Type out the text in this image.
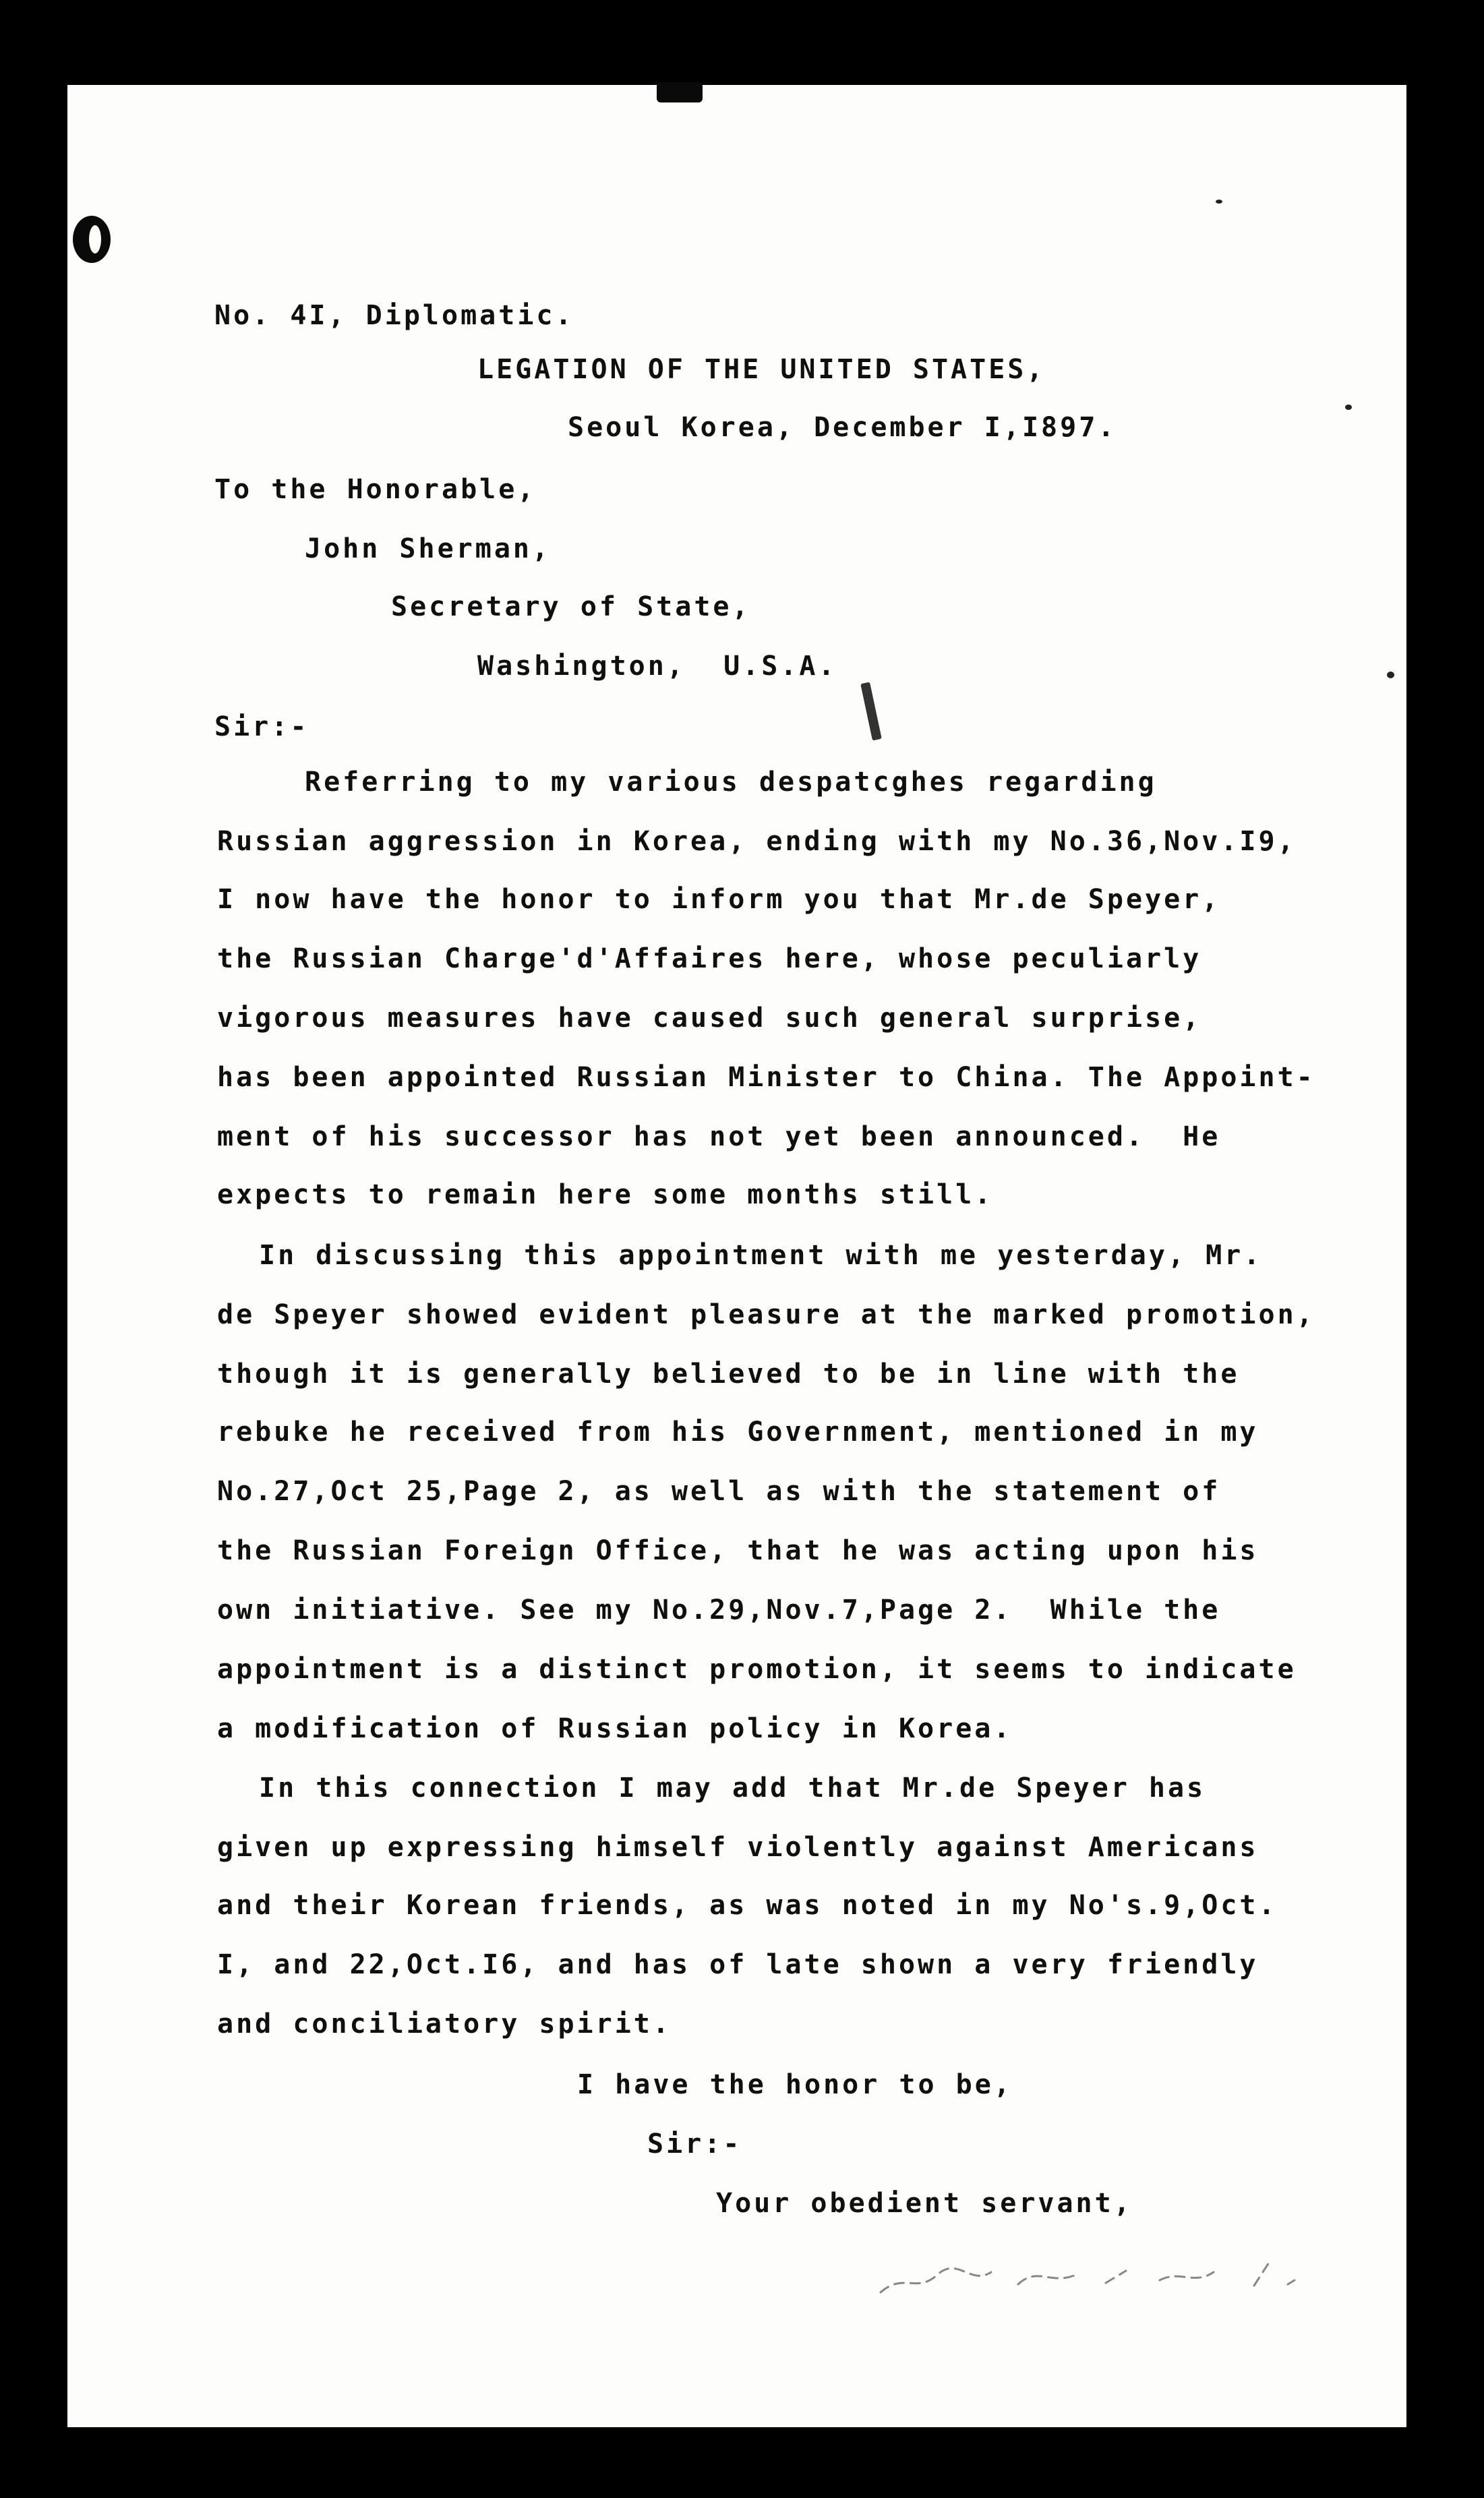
No. 4I, Diplomatic.
LEGATION OF THE UNITED STATES,
Seoul Korea, December I,I897.
To the Honorable,
John Sherman,
Secretary of State,
Washington,  U.S.A.
Sir:-
Referring to my various despatcghes regarding
Russian aggression in Korea, ending with my No.36,Nov.I9,
I now have the honor to inform you that Mr.de Speyer,
the Russian Charge'd'Affaires here, whose peculiarly
vigorous measures have caused such general surprise,
has been appointed Russian Minister to China. The Appoint-
ment of his successor has not yet been announced.  He
expects to remain here some months still.
In discussing this appointment with me yesterday, Mr.
de Speyer showed evident pleasure at the marked promotion,
though it is generally believed to be in line with the
rebuke he received from his Government, mentioned in my
No.27,Oct 25,Page 2, as well as with the statement of
the Russian Foreign Office, that he was acting upon his
own initiative. See my No.29,Nov.7,Page 2.  While the
appointment is a distinct promotion, it seems to indicate
a modification of Russian policy in Korea.
In this connection I may add that Mr.de Speyer has
given up expressing himself violently against Americans
and their Korean friends, as was noted in my No's.9,Oct.
I, and 22,Oct.I6, and has of late shown a very friendly
and conciliatory spirit.
I have the honor to be,
Sir:-
Your obedient servant,
